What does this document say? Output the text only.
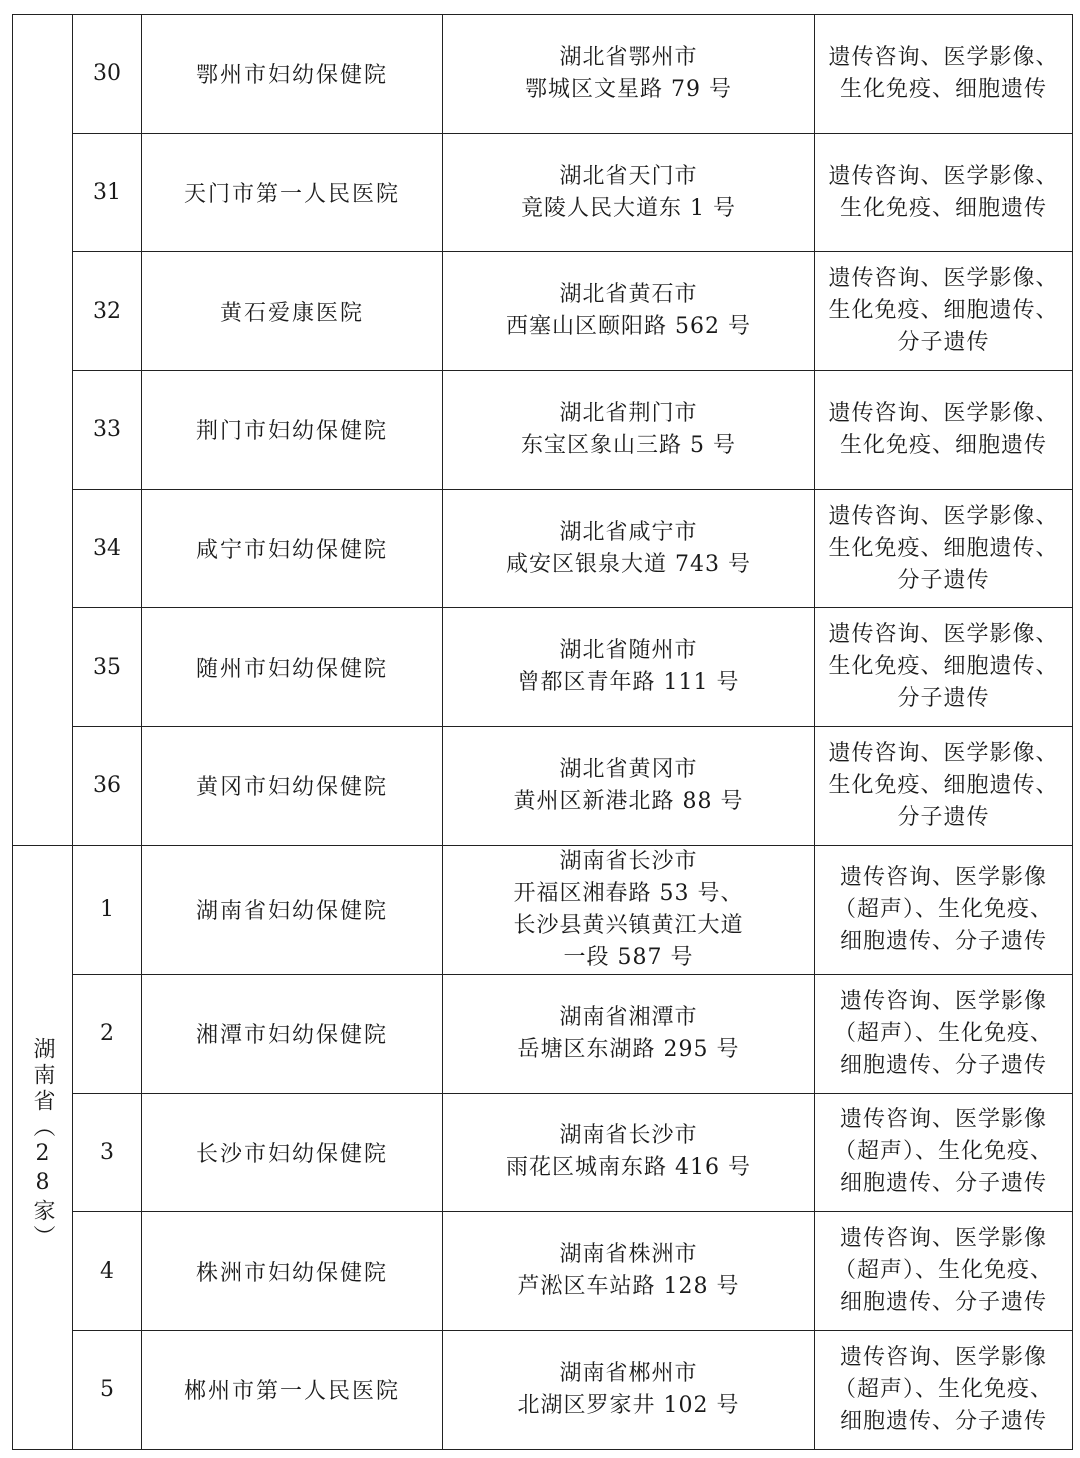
	30	鄂州市妇幼保健院	湖北省鄂州市
鄂城区文星路 79 号	遗传咨询、医学影像、
生化免疫、细胞遗传

	31	天门市第一人民医院	湖北省天门市
竟陵人民大道东 1 号	遗传咨询、医学影像、
生化免疫、细胞遗传

	32	黄石爱康医院	湖北省黄石市
西塞山区颐阳路 562 号	遗传咨询、医学影像、
生化免疫、细胞遗传、
分子遗传

	33	荆门市妇幼保健院	湖北省荆门市
东宝区象山三路 5 号	遗传咨询、医学影像、
生化免疫、细胞遗传

	34	咸宁市妇幼保健院	湖北省咸宁市
咸安区银泉大道 743 号	遗传咨询、医学影像、
生化免疫、细胞遗传、
分子遗传

	35	随州市妇幼保健院	湖北省随州市
曾都区青年路 111 号	遗传咨询、医学影像、
生化免疫、细胞遗传、
分子遗传

	36	黄冈市妇幼保健院	湖北省黄冈市
黄州区新港北路 88 号	遗传咨询、医学影像、
生化免疫、细胞遗传、
分子遗传

湖南省（28家）	1	湖南省妇幼保健院	湖南省长沙市
开福区湘春路 53 号、
长沙县黄兴镇黄江大道
一段 587 号	遗传咨询、医学影像
（超声）、生化免疫、
细胞遗传、分子遗传

	2	湘潭市妇幼保健院	湖南省湘潭市
岳塘区东湖路 295 号	遗传咨询、医学影像
（超声）、生化免疫、
细胞遗传、分子遗传

	3	长沙市妇幼保健院	湖南省长沙市
雨花区城南东路 416 号	遗传咨询、医学影像
（超声）、生化免疫、
细胞遗传、分子遗传

	4	株洲市妇幼保健院	湖南省株洲市
芦淞区车站路 128 号	遗传咨询、医学影像
（超声）、生化免疫、
细胞遗传、分子遗传

	5	郴州市第一人民医院	湖南省郴州市
北湖区罗家井 102 号	遗传咨询、医学影像
（超声）、生化免疫、
细胞遗传、分子遗传
